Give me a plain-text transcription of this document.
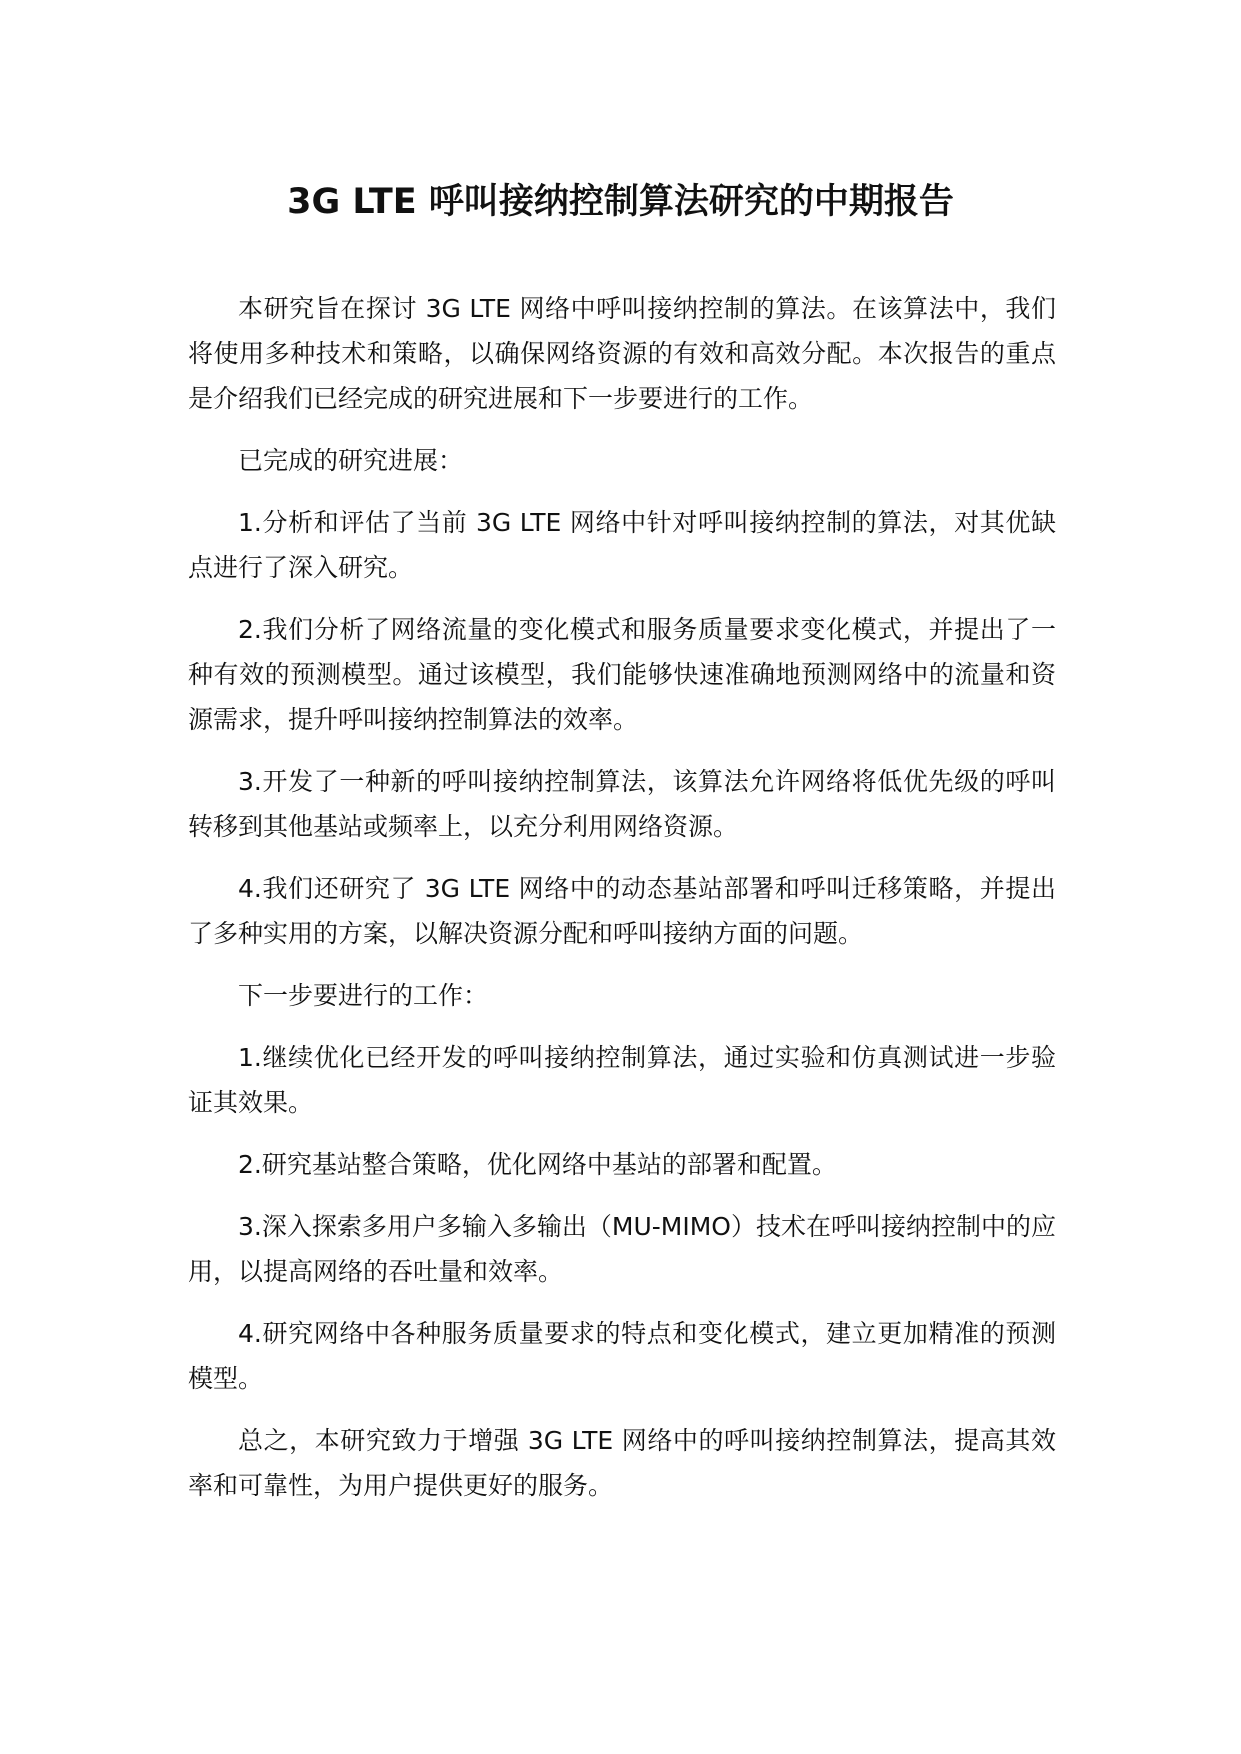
3G LTE 呼叫接纳控制算法研究的中期报告

本研究旨在探讨 3G LTE 网络中呼叫接纳控制的算法。在该算法中，我们将使用多种技术和策略，以确保网络资源的有效和高效分配。本次报告的重点是介绍我们已经完成的研究进展和下一步要进行的工作。

已完成的研究进展：

1.分析和评估了当前 3G LTE 网络中针对呼叫接纳控制的算法，对其优缺点进行了深入研究。

2.我们分析了网络流量的变化模式和服务质量要求变化模式，并提出了一种有效的预测模型。通过该模型，我们能够快速准确地预测网络中的流量和资源需求，提升呼叫接纳控制算法的效率。

3.开发了一种新的呼叫接纳控制算法，该算法允许网络将低优先级的呼叫转移到其他基站或频率上，以充分利用网络资源。

4.我们还研究了 3G LTE 网络中的动态基站部署和呼叫迁移策略，并提出了多种实用的方案，以解决资源分配和呼叫接纳方面的问题。

下一步要进行的工作：

1.继续优化已经开发的呼叫接纳控制算法，通过实验和仿真测试进一步验证其效果。

2.研究基站整合策略，优化网络中基站的部署和配置。

3.深入探索多用户多输入多输出（MU-MIMO）技术在呼叫接纳控制中的应用，以提高网络的吞吐量和效率。

4.研究网络中各种服务质量要求的特点和变化模式，建立更加精准的预测模型。

总之，本研究致力于增强 3G LTE 网络中的呼叫接纳控制算法，提高其效率和可靠性，为用户提供更好的服务。
